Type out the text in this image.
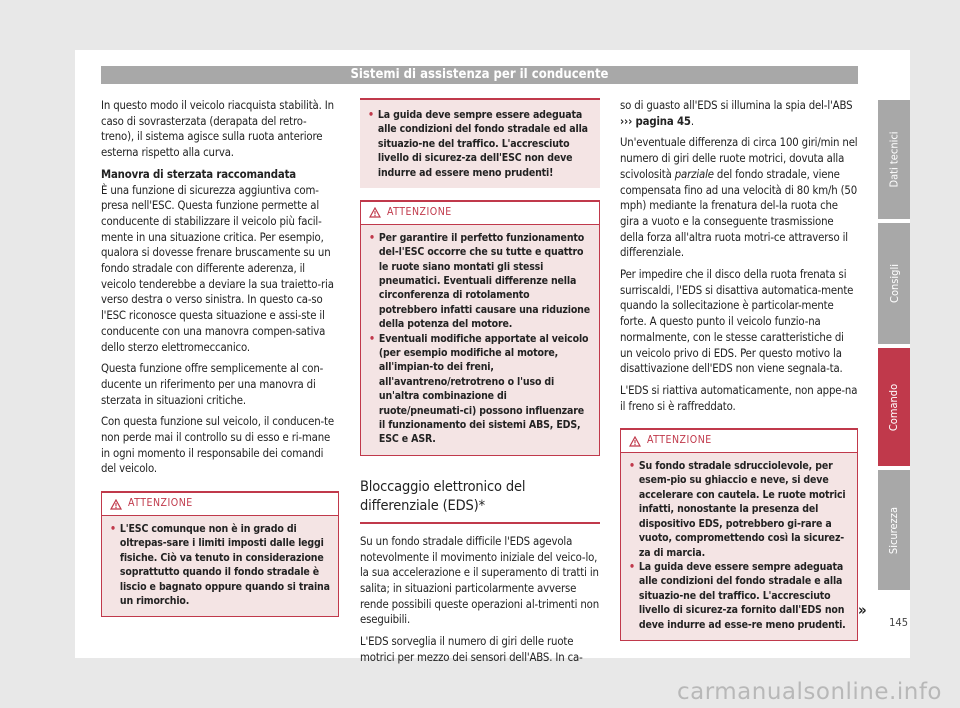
Sistemi di assistenza per il conducente

In questo modo il veicolo riacquista stabilità. In caso di sovrasterzata (derapata del retro-treno), il sistema agisce sulla ruota anteriore esterna rispetto alla curva.

Manovra di sterzata raccomandata

È una funzione di sicurezza aggiuntiva com-presa nell'ESC. Questa funzione permette al conducente di stabilizzare il veicolo più facil-mente in una situazione critica. Per esempio, qualora si dovesse frenare bruscamente su un fondo stradale con differente aderenza, il veicolo tenderebbe a deviare la sua traietto-ria verso destra o verso sinistra. In questo ca-so l'ESC riconosce questa situazione e assi-ste il conducente con una manovra compen-sativa dello sterzo elettromeccanico.

Questa funzione offre semplicemente al con-ducente un riferimento per una manovra di sterzata in situazioni critiche.

Con questa funzione sul veicolo, il conducen-te non perde mai il controllo su di esso e ri-mane in ogni momento il responsabile dei comandi del veicolo.

ATTENZIONE
• L'ESC comunque non è in grado di oltrepas-sare i limiti imposti dalle leggi fisiche. Ciò va tenuto in considerazione soprattutto quando il fondo stradale è liscio e bagnato oppure quando si traina un rimorchio.
• La guida deve sempre essere adeguata alle condizioni del fondo stradale ed alla situazio-ne del traffico. L'accresciuto livello di sicurez-za dell'ESC non deve indurre ad essere meno prudenti!
ATTENZIONE
• Per garantire il perfetto funzionamento del-l'ESC occorre che su tutte e quattro le ruote siano montati gli stessi pneumatici. Eventuali differenze nella circonferenza di rotolamento potrebbero infatti causare una riduzione della potenza del motore.
• Eventuali modifiche apportate al veicolo (per esempio modifiche al motore, all'impian-to dei freni, all'avantreno/retrotreno o l'uso di un'altra combinazione di ruote/pneumati-ci) possono influenzare il funzionamento dei sistemi ABS, EDS, ESC e ASR.
Bloccaggio elettronico del differenziale (EDS)*

Su un fondo stradale difficile l'EDS agevola notevolmente il movimento iniziale del veico-lo, la sua accelerazione e il superamento di tratti in salita; in situazioni particolarmente avverse rende possibili queste operazioni al-trimenti non eseguibili.

L'EDS sorveglia il numero di giri delle ruote motrici per mezzo dei sensori dell'ABS. In ca-

so di guasto all'EDS si illumina la spia del-l'ABS ››› pagina 45.

Un'eventuale differenza di circa 100 giri/min nel numero di giri delle ruote motrici, dovuta alla scivolosità parziale del fondo stradale, viene compensata fino ad una velocità di 80 km/h (50 mph) mediante la frenatura del-la ruota che gira a vuoto e la conseguente trasmissione della forza all'altra ruota motri-ce attraverso il differenziale.

Per impedire che il disco della ruota frenata si surriscaldi, l'EDS si disattiva automatica-mente quando la sollecitazione è particolar-mente forte. A questo punto il veicolo funzio-na normalmente, con le stesse caratteristiche di un veicolo privo di EDS. Per questo motivo la disattivazione dell'EDS non viene segnala-ta.

L'EDS si riattiva automaticamente, non appe-na il freno si è raffreddato.

ATTENZIONE
• Su fondo stradale sdrucciolevole, per esem-pio su ghiaccio e neve, si deve accelerare con cautela. Le ruote motrici infatti, nonostante la presenza del dispositivo EDS, potrebbero gi-rare a vuoto, compromettendo così la sicurez-za di marcia.
• La guida deve essere sempre adeguata alle condizioni del fondo stradale e alla situazio-ne del traffico. L'accresciuto livello di sicurez-za fornito dall'EDS non deve indurre ad esse-re meno prudenti.
»
Dati tecnici
Consigli
Comando
Sicurezza
145
carmanualsonline.info
